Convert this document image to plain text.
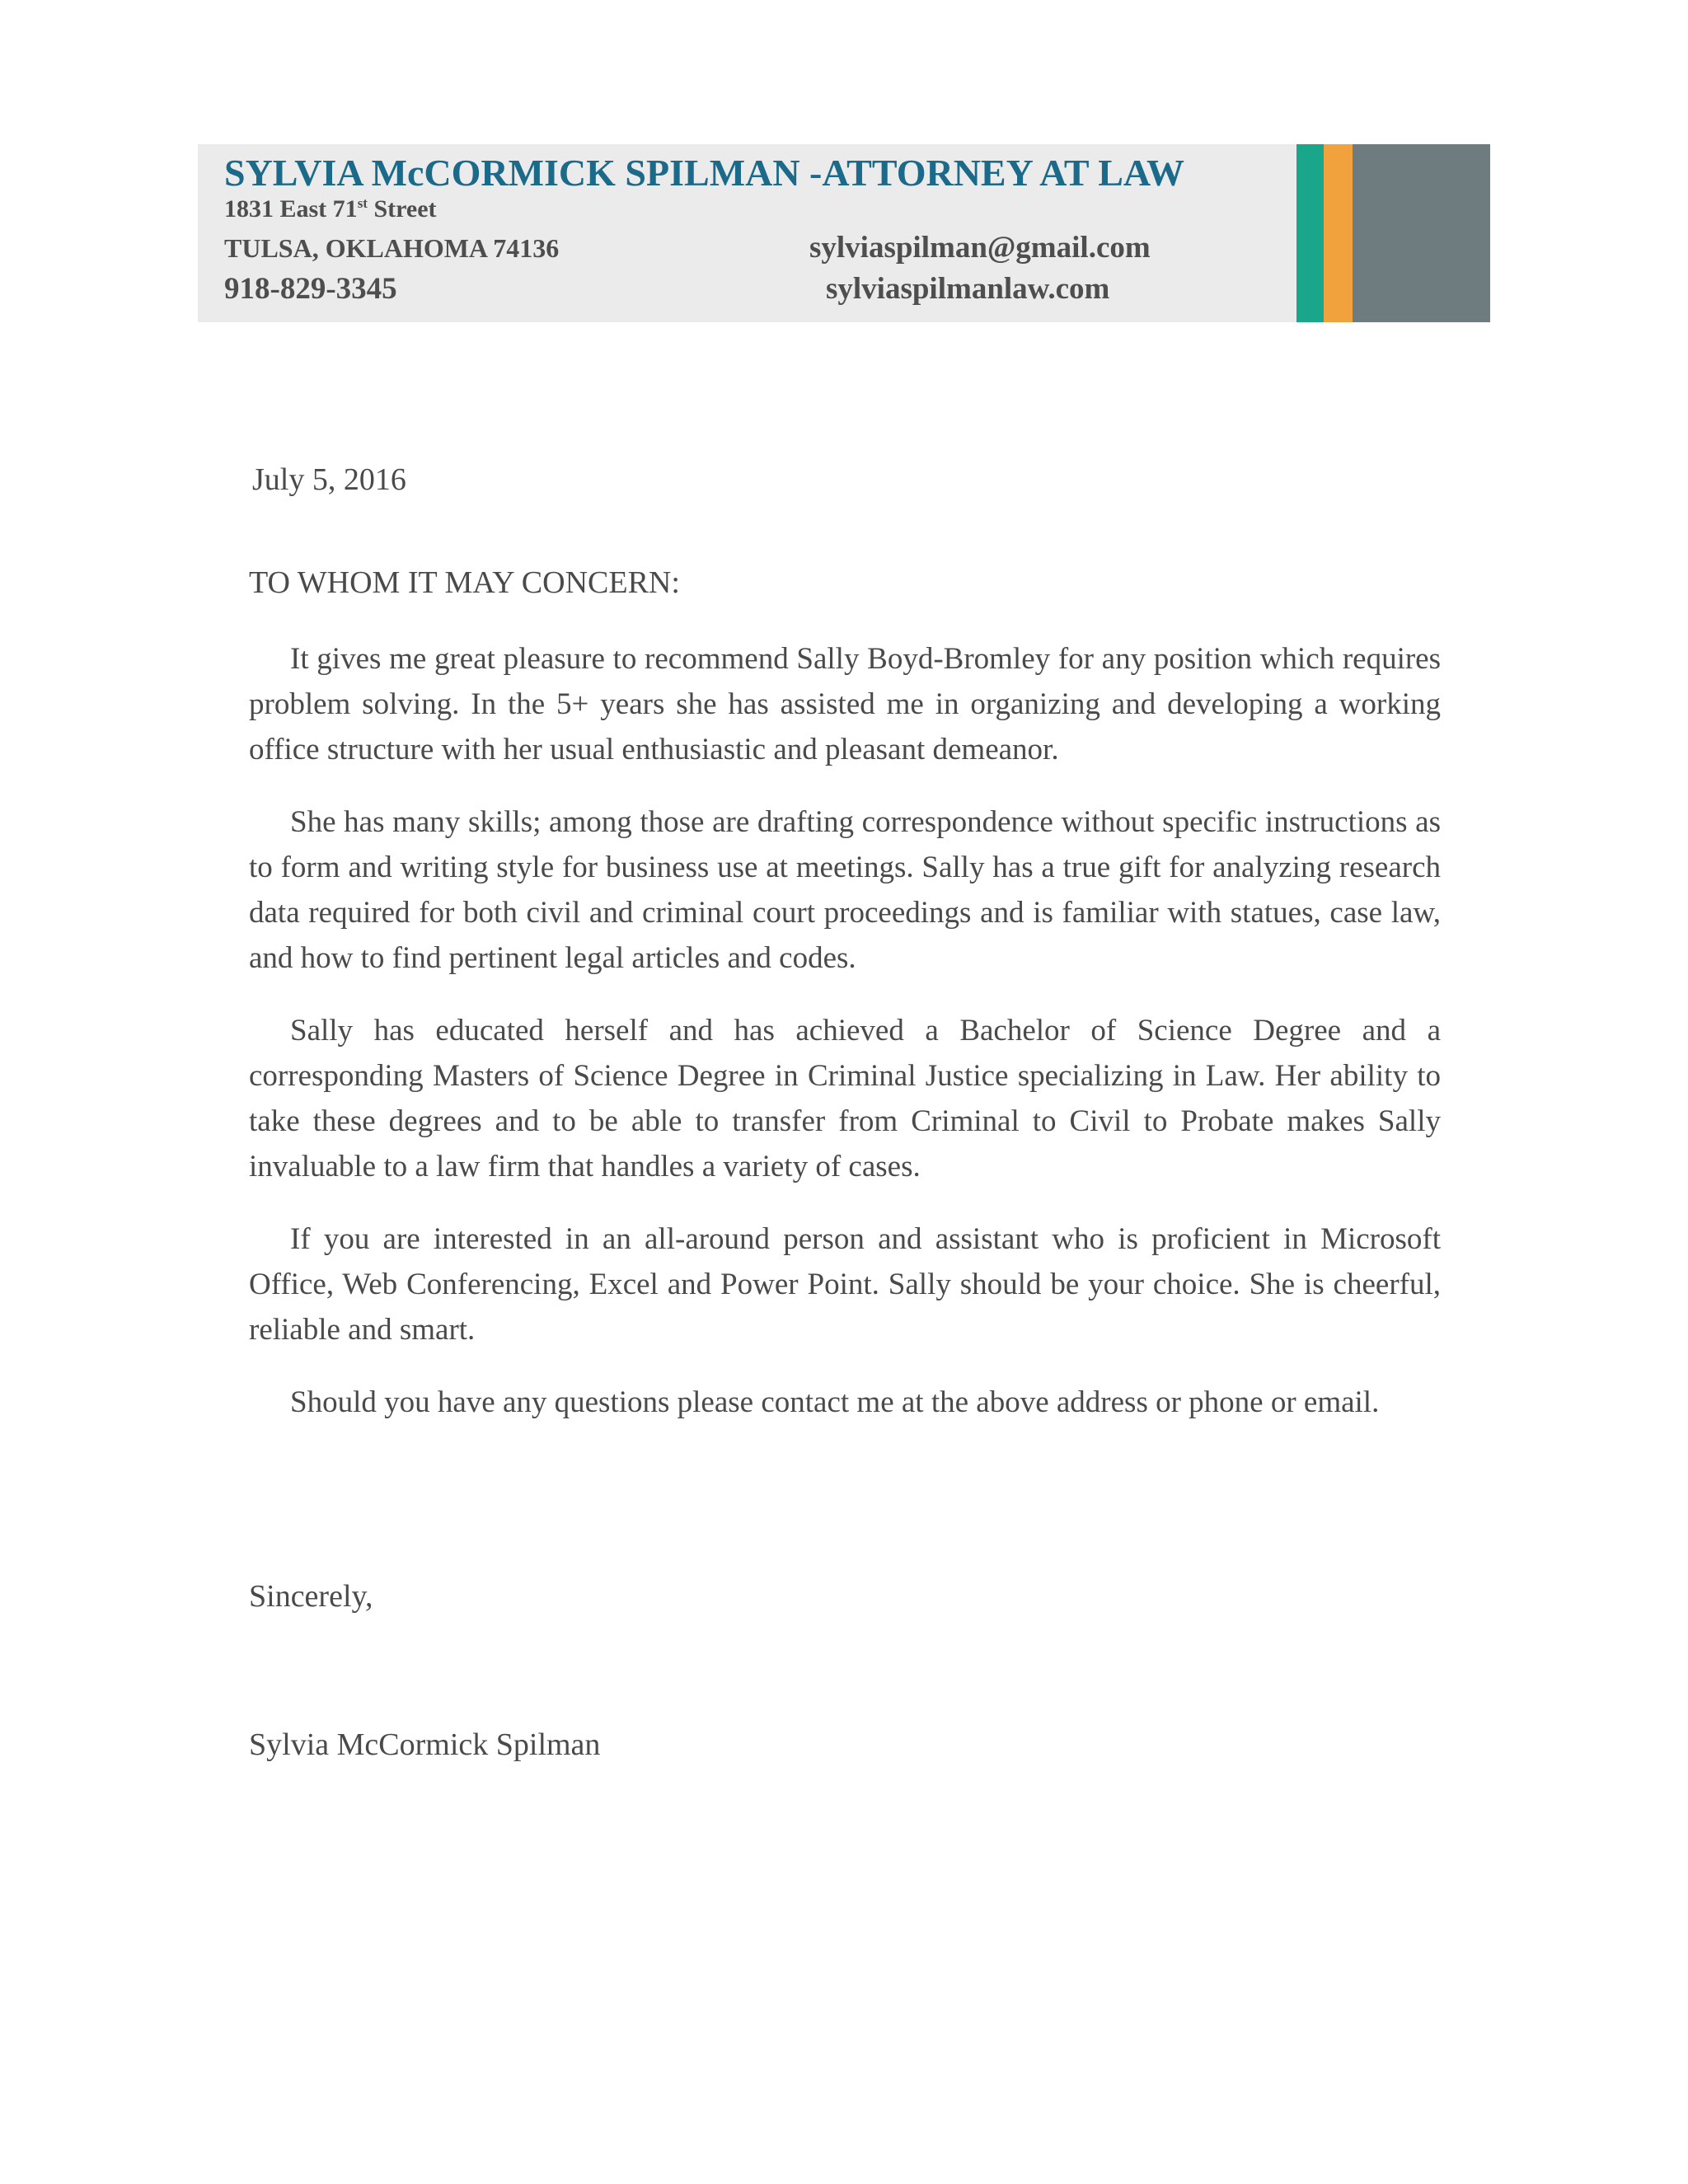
SYLVIA McCORMICK SPILMAN -ATTORNEY AT LAW
1831 East 71st Street
TULSA, OKLAHOMA 74136
918-829-3345
sylviaspilman@gmail.com
sylviaspilmanlaw.com
July 5, 2016
TO WHOM IT MAY CONCERN:

It gives me great pleasure to recommend Sally Boyd-Bromley for any position which requires problem solving. In the 5+ years she has assisted me in organizing and developing a working office structure with her usual enthusiastic and pleasant demeanor.

She has many skills; among those are drafting correspondence without specific instructions as to form and writing style for business use at meetings. Sally has a true gift for analyzing research data required for both civil and criminal court proceedings and is familiar with statues, case law, and how to find pertinent legal articles and codes.

Sally has educated herself and has achieved a Bachelor of Science Degree and a corresponding Masters of Science Degree in Criminal Justice specializing in Law. Her ability to take these degrees and to be able to transfer from Criminal to Civil to Probate makes Sally invaluable to a law firm that handles a variety of cases.

If you are interested in an all-around person and assistant who is proficient in Microsoft Office, Web Conferencing, Excel and Power Point. Sally should be your choice. She is cheerful, reliable and smart.

Should you have any questions please contact me at the above address or phone or email.

Sincerely,
Sylvia McCormick Spilman
